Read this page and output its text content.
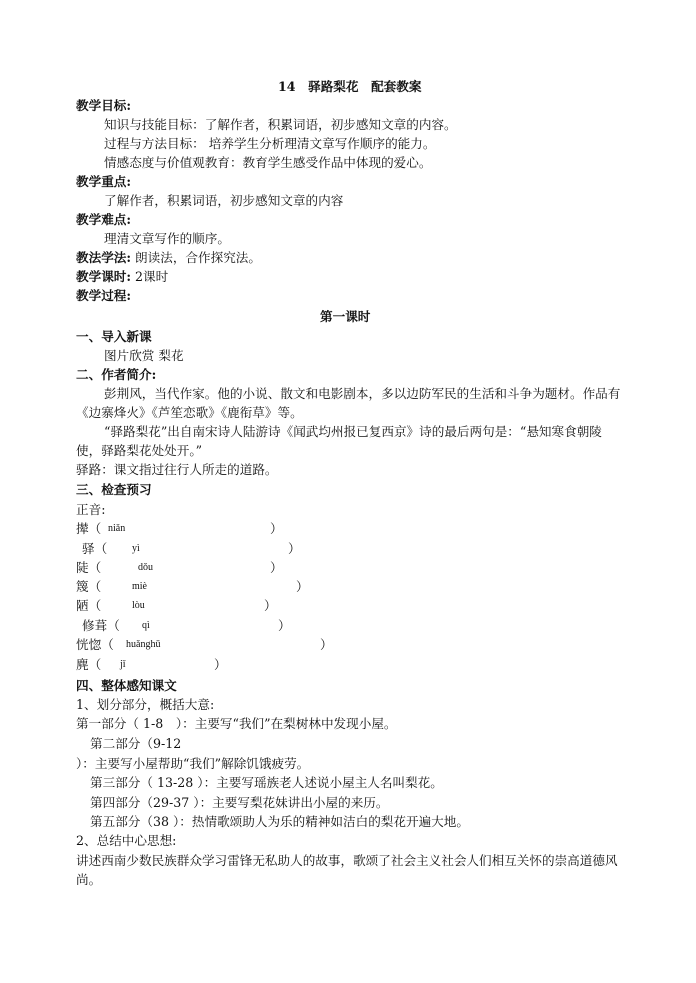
14　驿路梨花　配套教案
教学目标:
知识与技能目标：了解作者，积累词语，初步感知文章的内容。
过程与方法目标： 培养学生分析理清文章写作顺序的能力。
情感态度与价值观教育：教育学生感受作品中体现的爱心。
教学重点:
了解作者，积累词语，初步感知文章的内容
教学难点:
理清文章写作的顺序。
教法学法: 朗读法，合作探究法。
教学课时: 2课时
教学过程:
第一课时
一、导入新课
图片欣赏 梨花
二、作者简介:
彭荆风，当代作家。他的小说、散文和电影剧本，多以边防军民的生活和斗争为题材。作品有
《边寨烽火》《芦笙恋歌》《鹿衔草》等。
“驿路梨花”出自南宋诗人陆游诗《闻武均州报已复西京》诗的最后两句是：“悬知寒食朝陵
使，驿路梨花处处开。”
驿路：课文指过往行人所走的道路。
三、检查预习
正音:
撵（ niǎn	）
驿（ yì	）
陡（	dǒu	）
篾（	miè	）
陋（	lòu	）
修葺（ qì	）
恍惚（ huǎnghū	）
麂（ jǐ	）
四、整体感知课文
1、划分部分，概括大意:
第一部分（ 1-8　）：主要写“我们”在梨树林中发现小屋。
第二部分（9-12
）：主要写小屋帮助“我们”解除饥饿疲劳。
第三部分（ 13-28 ）：主要写瑶族老人述说小屋主人名叫梨花。
第四部分（29-37 ）：主要写梨花妹讲出小屋的来历。
第五部分（38 ）：热情歌颂助人为乐的精神如洁白的梨花开遍大地。
2、总结中心思想:
讲述西南少数民族群众学习雷锋无私助人的故事，歌颂了社会主义社会人们相互关怀的崇高道德风
尚。
